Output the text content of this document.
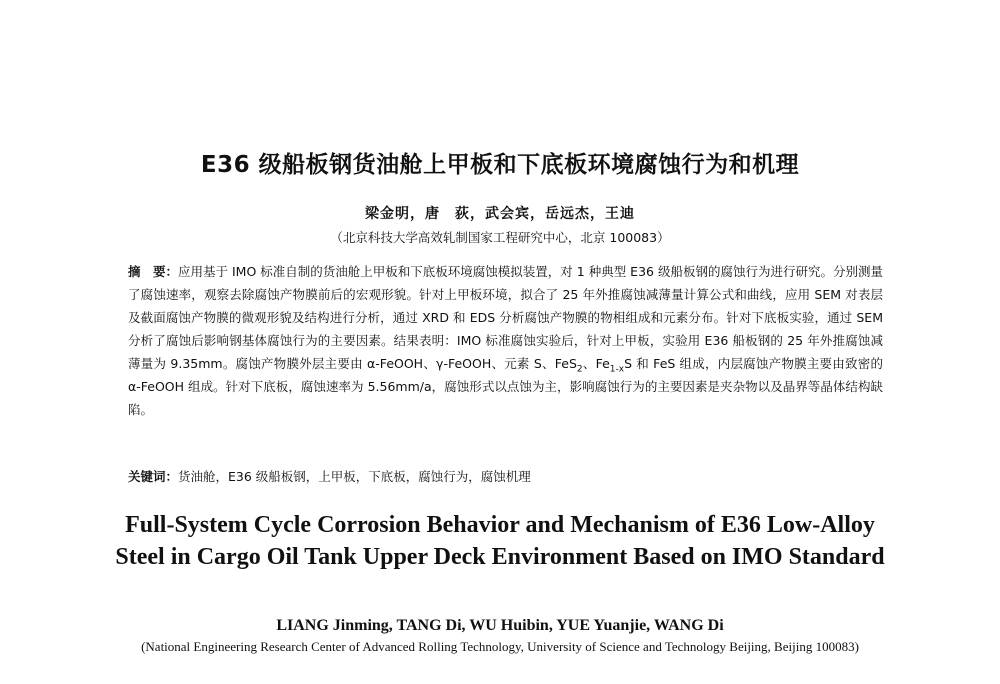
E36 级船板钢货油舱上甲板和下底板环境腐蚀行为和机理
梁金明，唐　荻，武会宾，岳远杰，王迪
（北京科技大学高效轧制国家工程研究中心，北京 100083）
摘　要：应用基于 IMO 标准自制的货油舱上甲板和下底板环境腐蚀模拟装置，对 1 种典型 E36 级船板钢的腐蚀行为进行研究。分别测量了腐蚀速率，观察去除腐蚀产物膜前后的宏观形貌。针对上甲板环境，拟合了 25 年外推腐蚀减薄量计算公式和曲线，应用 SEM 对表层及截面腐蚀产物膜的微观形貌及结构进行分析，通过 XRD 和 EDS 分析腐蚀产物膜的物相组成和元素分布。针对下底板实验，通过 SEM 分析了腐蚀后影响钢基体腐蚀行为的主要因素。结果表明：IMO 标准腐蚀实验后，针对上甲板，实验用 E36 船板钢的 25 年外推腐蚀减薄量为 9.35mm。腐蚀产物膜外层主要由 α-FeOOH、γ-FeOOH、元素 S、FeS$_2$、$Fe_{1-x}S$ 和 FeS 组成，内层腐蚀产物膜主要由致密的 α-FeOOH 组成。针对下底板，腐蚀速率为 5.56mm/a，腐蚀形式以点蚀为主，影响腐蚀行为的主要因素是夹杂物以及晶界等晶体结构缺陷。
关键词：货油舱，E36 级船板钢，上甲板，下底板，腐蚀行为，腐蚀机理
Full-System Cycle Corrosion Behavior and Mechanism of E36 Low-Alloy Steel in Cargo Oil Tank Upper Deck Environment Based on IMO Standard
LIANG Jinming, TANG Di, WU Huibin, YUE Yuanjie, WANG Di
(National Engineering Research Center of Advanced Rolling Technology, University of Science and Technology Beijing, Beijing 100083)
